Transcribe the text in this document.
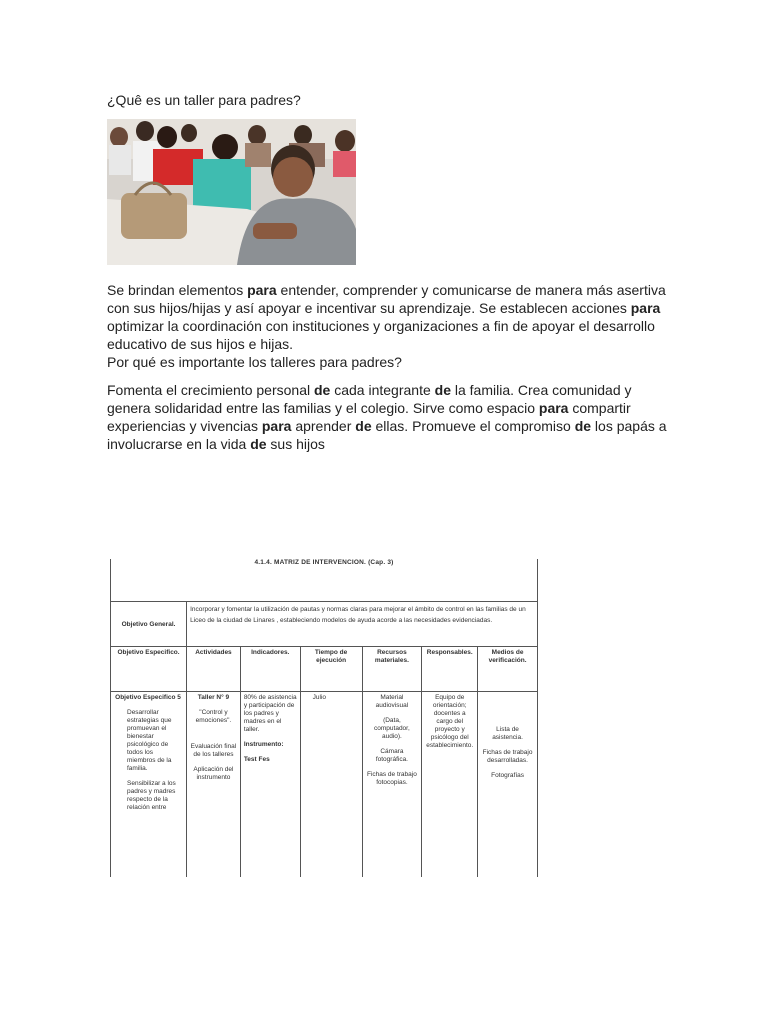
¿Quê es un taller para padres?
Se brindan elementos para entender, comprender y comunicarse de manera más asertiva con sus hijos/hijas y así apoyar e incentivar su aprendizaje. Se establecen acciones para optimizar la coordinación con instituciones y organizaciones a fin de apoyar el desarrollo educativo de sus hijos e hijas.
Por qué es importante los talleres para padres?
Fomenta el crecimiento personal de cada integrante de la familia. Crea comunidad y genera solidaridad entre las familias y el colegio. Sirve como espacio para compartir experiencias y vivencias para aprender de ellas. Promueve el compromiso de los papás a involucrarse en la vida de sus hijos
4.1.4. MATRIZ DE INTERVENCIÓN. (Cap. 3)						

Objetivo General.	Incorporar y fomentar la utilización de pautas y normas claras para mejorar el ámbito de control en las familias de un Liceo de la ciudad de Linares , estableciendo modelos de ayuda acorde a las necesidades evidenciadas.					
Objetivo Especifico.	Actividades	Indicadores.	Tiempo de ejecución	Recursos materiales.	Responsables.	Medios de verificación.

Objetivo Especifico 5
Desarrollar estrategias que promuevan el bienestar psicológico de todos los miembros de la familia.
Sensibilizar a los padres y madres respecto de la relación entre	Taller N° 9
"Control y emociones".
Evaluación final de los talleres
Aplicación del instrumento	80% de asistencia y participación de los padres y madres en el taller.
Instrumento:
Test Fes	Julio	Material audiovisual
(Data, computador, audio).
Cámara fotográfica.
Fichas de trabajo fotocopias.	Equipo de orientación; docentes a cargo del proyecto y psicólogo del establecimiento.	Lista de asistencia.
Fichas de trabajo desarrolladas.
Fotografías
